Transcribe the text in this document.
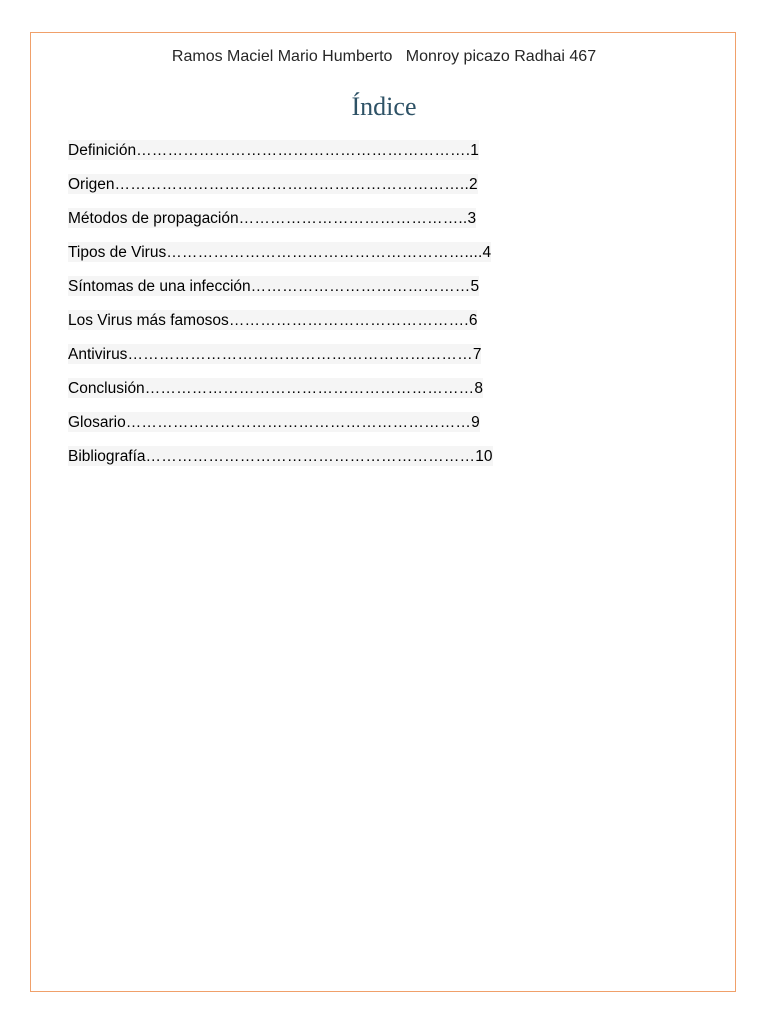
Ramos Maciel Mario Humberto   Monroy picazo Radhai 467
Índice
Definición……………………………………………………….1
Origen…………………………………………………………..2
Métodos de propagación……………………………………..3
Tipos de Virus…………………………………………………....4
Síntomas de una infección……………………………………5
Los Virus más famosos……………………………………….6
Antivirus…………………………………………………………7
Conclusión………………………………………………………8
Glosario…………………………………………………………9
Bibliografía………………………………………………………10
